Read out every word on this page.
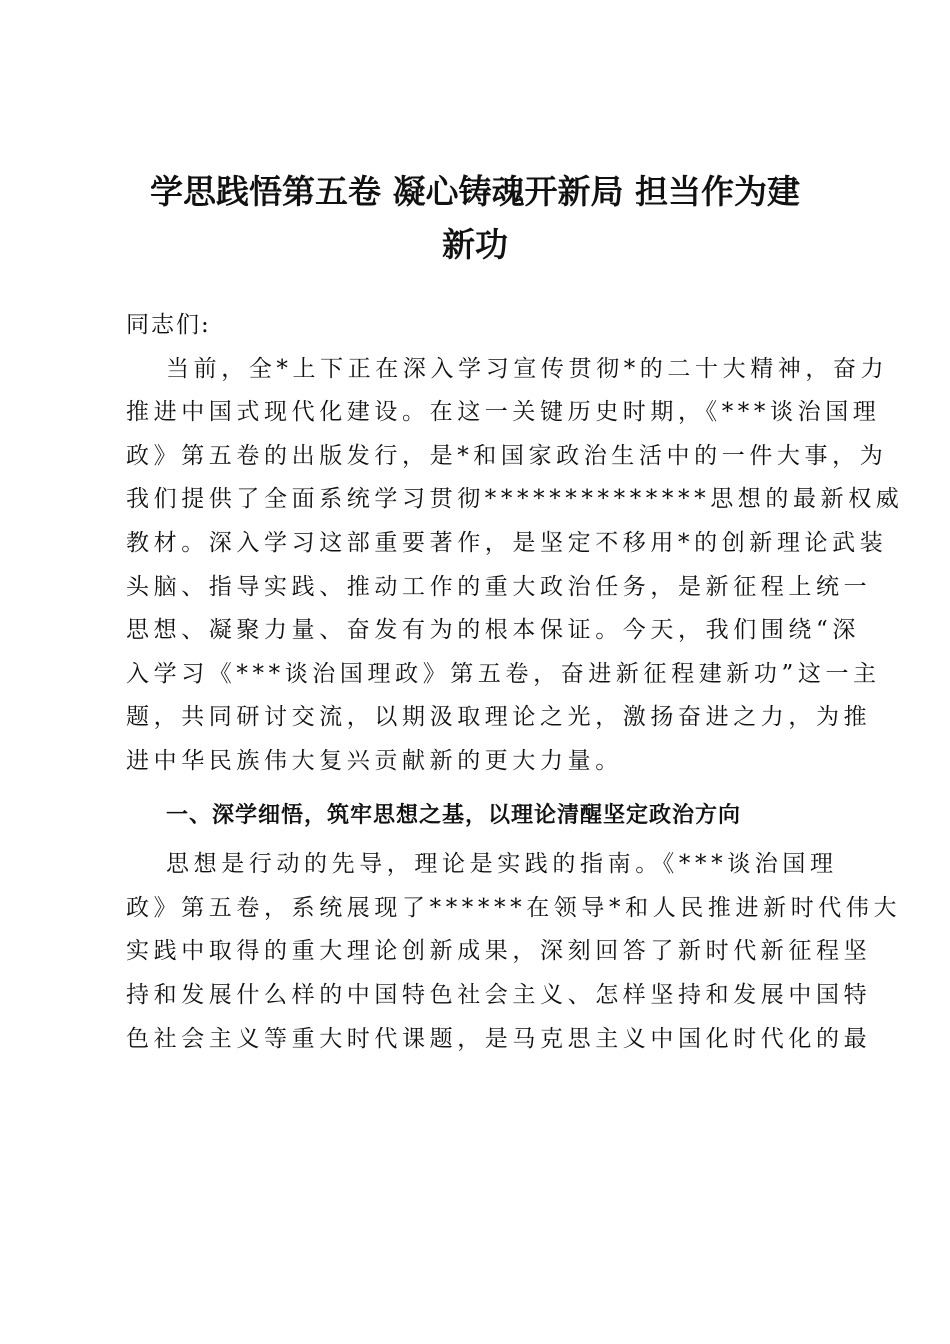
学思践悟第五卷 凝心铸魂开新局 担当作为建
新功
同志们:
当前，全*上下正在深入学习宣传贯彻*的二十大精神，奋力
推进中国式现代化建设。在这一关键历史时期，《***谈治国理
政》第五卷的出版发行，是*和国家政治生活中的一件大事，为
我们提供了全面系统学习贯彻**************思想的最新权威
教材。深入学习这部重要著作，是坚定不移用*的创新理论武装
头脑、指导实践、推动工作的重大政治任务，是新征程上统一
思想、凝聚力量、奋发有为的根本保证。今天，我们围绕“深
入学习《***谈治国理政》第五卷，奋进新征程建新功”这一主
题，共同研讨交流，以期汲取理论之光，激扬奋进之力，为推
进中华民族伟大复兴贡献新的更大力量。
一、深学细悟，筑牢思想之基，以理论清醒坚定政治方向
思想是行动的先导，理论是实践的指南。《***谈治国理
政》第五卷，系统展现了******在领导*和人民推进新时代伟大
实践中取得的重大理论创新成果，深刻回答了新时代新征程坚
持和发展什么样的中国特色社会主义、怎样坚持和发展中国特
色社会主义等重大时代课题，是马克思主义中国化时代化的最
